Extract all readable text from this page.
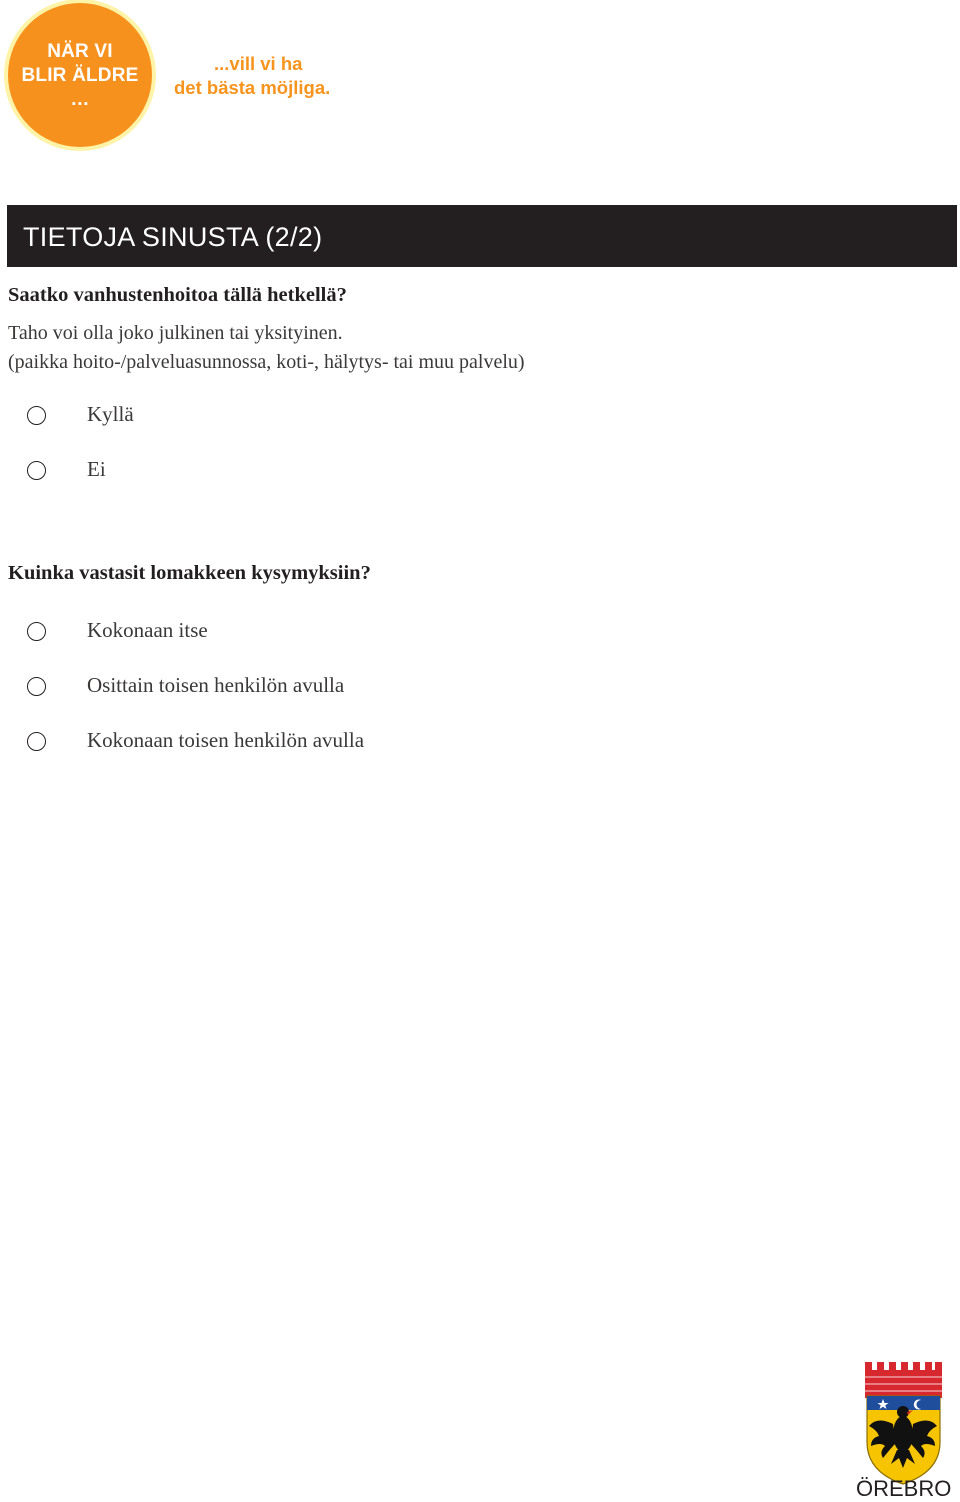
NÄR VI
BLIR ÄLDRE
…
...vill vi ha
det bästa möjliga.
TIETOJA SINUSTA (2/2)
Saatko vanhustenhoitoa tällä hetkellä?
Taho voi olla joko julkinen tai yksityinen.
(paikka hoito-/palveluasunnossa, koti-, hälytys- tai muu palvelu)
Kyllä
Ei
Kuinka vastasit lomakkeen kysymyksiin?
Kokonaan itse
Osittain toisen henkilön avulla
Kokonaan toisen henkilön avulla
ÖREBRO
